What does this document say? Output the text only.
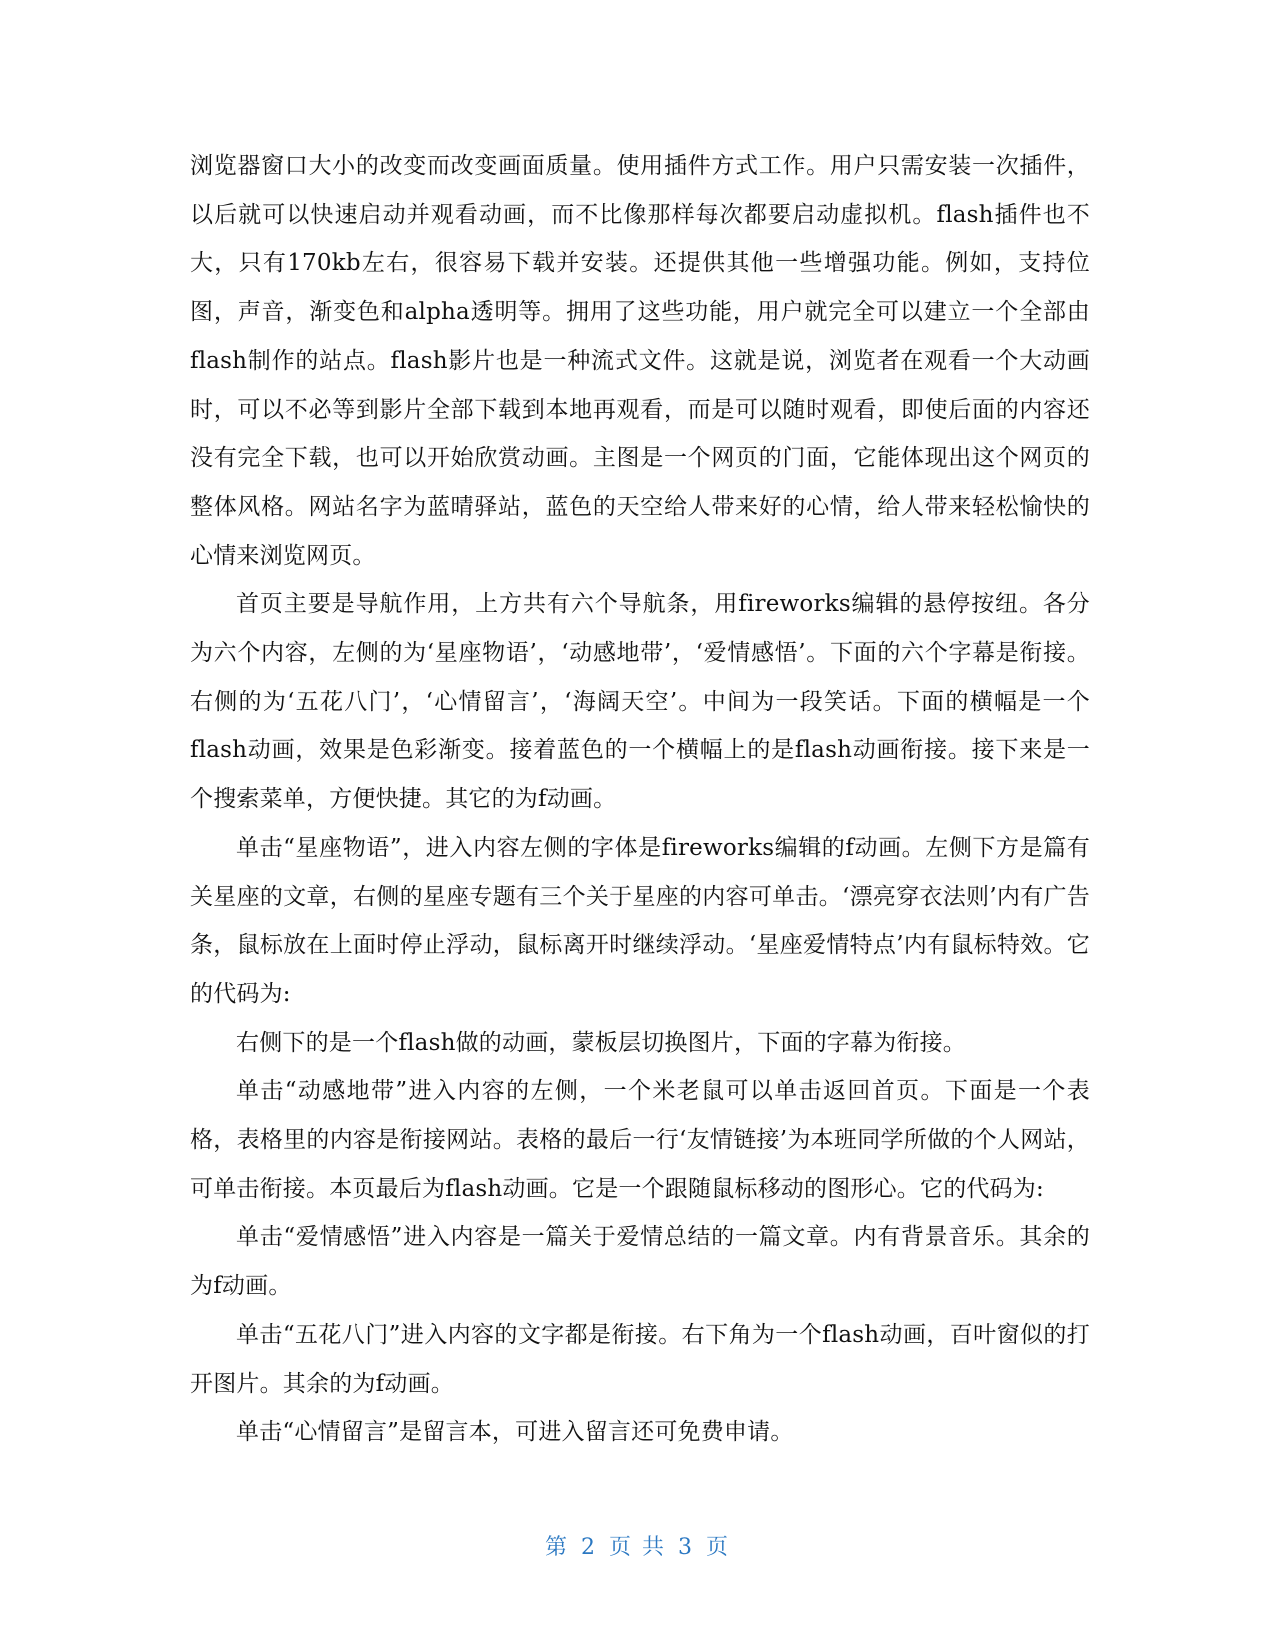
浏览器窗口大小的改变而改变画面质量。使用插件方式工作。用户只需安装一次插件，以后就可以快速启动并观看动画，而不比像那样每次都要启动虚拟机。flash插件也不大，只有170kb左右，很容易下载并安装。还提供其他一些增强功能。例如，支持位图，声音，渐变色和alpha透明等。拥用了这些功能，用户就完全可以建立一个全部由flash制作的站点。flash影片也是一种流式文件。这就是说，浏览者在观看一个大动画时，可以不必等到影片全部下载到本地再观看，而是可以随时观看，即使后面的内容还没有完全下载，也可以开始欣赏动画。主图是一个网页的门面，它能体现出这个网页的整体风格。网站名字为蓝晴驿站，蓝色的天空给人带来好的心情，给人带来轻松愉快的心情来浏览网页。

首页主要是导航作用，上方共有六个导航条，用fireworks编辑的悬停按纽。各分为六个内容，左侧的为‘星座物语’，‘动感地带’，‘爱情感悟’。下面的六个字幕是衔接。右侧的为‘五花八门’，‘心情留言’，‘海阔天空’。中间为一段笑话。下面的横幅是一个flash动画，效果是色彩渐变。接着蓝色的一个横幅上的是flash动画衔接。接下来是一个搜索菜单，方便快捷。其它的为f动画。

单击“星座物语”，进入内容左侧的字体是fireworks编辑的f动画。左侧下方是篇有关星座的文章，右侧的星座专题有三个关于星座的内容可单击。‘漂亮穿衣法则’内有广告条，鼠标放在上面时停止浮动，鼠标离开时继续浮动。‘星座爱情特点’内有鼠标特效。它的代码为:

右侧下的是一个flash做的动画，蒙板层切换图片，下面的字幕为衔接。

单击“动感地带”进入内容的左侧，一个米老鼠可以单击返回首页。下面是一个表格，表格里的内容是衔接网站。表格的最后一行‘友情链接’为本班同学所做的个人网站，可单击衔接。本页最后为flash动画。它是一个跟随鼠标移动的图形心。它的代码为:

单击“爱情感悟”进入内容是一篇关于爱情总结的一篇文章。内有背景音乐。其余的为f动画。

单击“五花八门”进入内容的文字都是衔接。右下角为一个flash动画，百叶窗似的打开图片。其余的为f动画。

单击“心情留言”是留言本，可进入留言还可免费申请。

第 2 页 共 3 页
